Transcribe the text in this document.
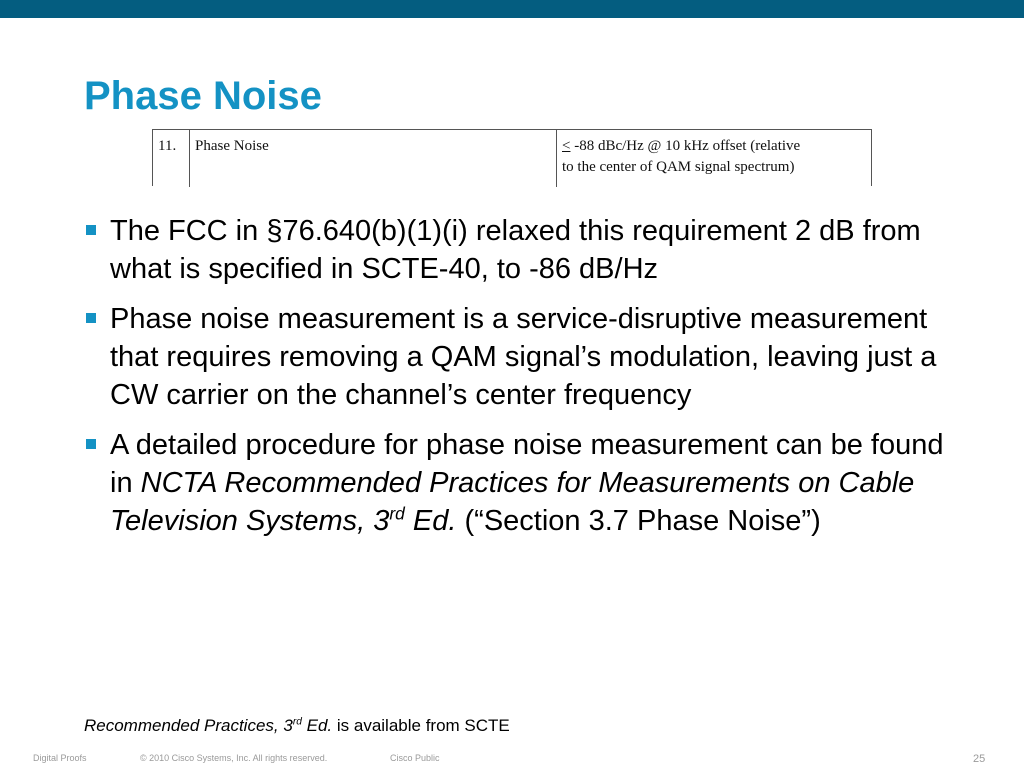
Phase Noise
11.	Phase Noise	≤ -88 dBc/Hz @ 10 kHz offset (relative
to the center of QAM signal spectrum)
The FCC in §76.640(b)(1)(i) relaxed this requirement 2 dB from what is specified in SCTE-40, to -86 dB/Hz
Phase noise measurement is a service-disruptive measurement that requires removing a QAM signal’s modulation, leaving just a CW carrier on the channel’s center frequency
A detailed procedure for phase noise measurement can be found in NCTA Recommended Practices for Measurements on Cable Television Systems, 3rd Ed. (“Section 3.7 Phase Noise”)
Recommended Practices, 3rd Ed. is available from SCTE
Digital Proofs	© 2010 Cisco Systems, Inc. All rights reserved.	Cisco Public	25
